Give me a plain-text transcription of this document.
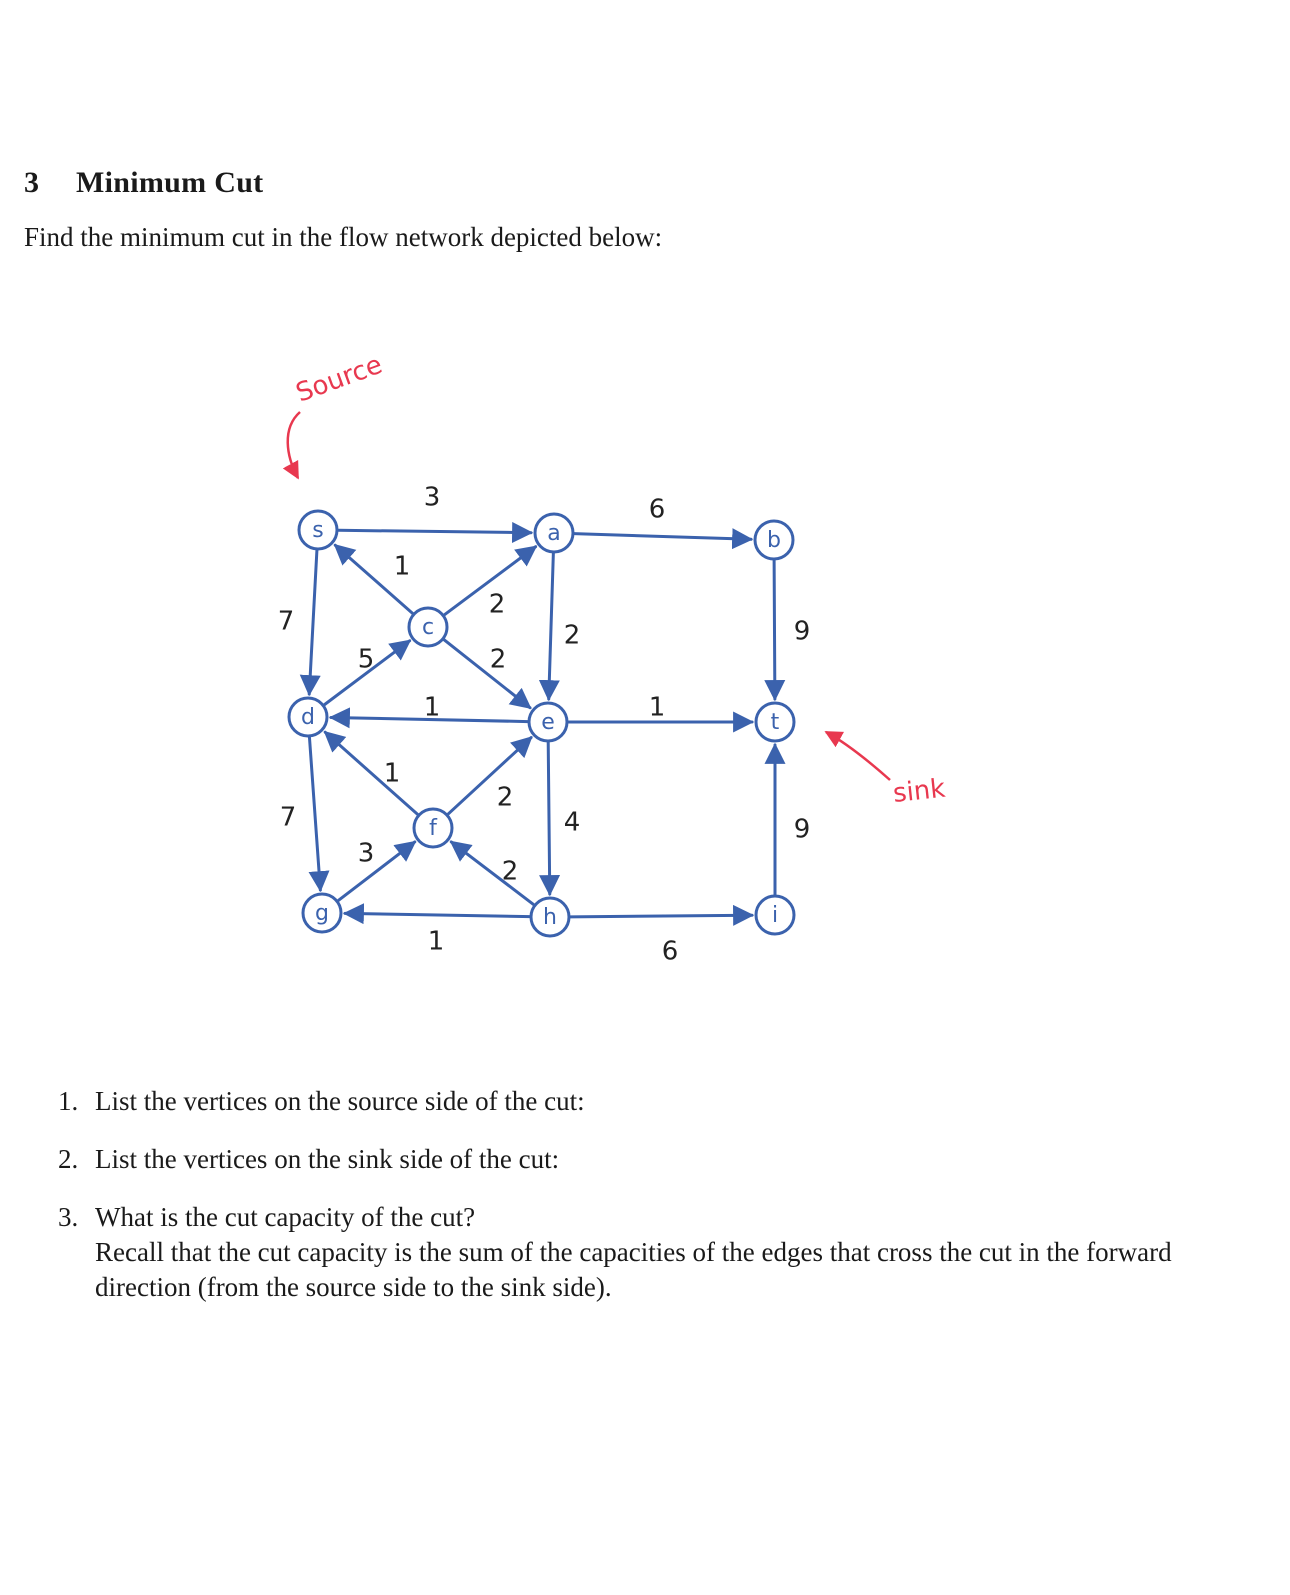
3 Minimum Cut
Find the minimum cut in the flow network depicted below:
Source
sink
3	6
1
2
7
5	2
2	9
1	1
1
2
7	4	9
3
2
1	6
s	a	b
c
d	e	t
f
g	h	i
1. List the vertices on the source side of the cut:
2. List the vertices on the sink side of the cut:
3. What is the cut capacity of the cut?
Recall that the cut capacity is the sum of the capacities of the edges that cross the cut in the forward direction (from the source side to the sink side).
